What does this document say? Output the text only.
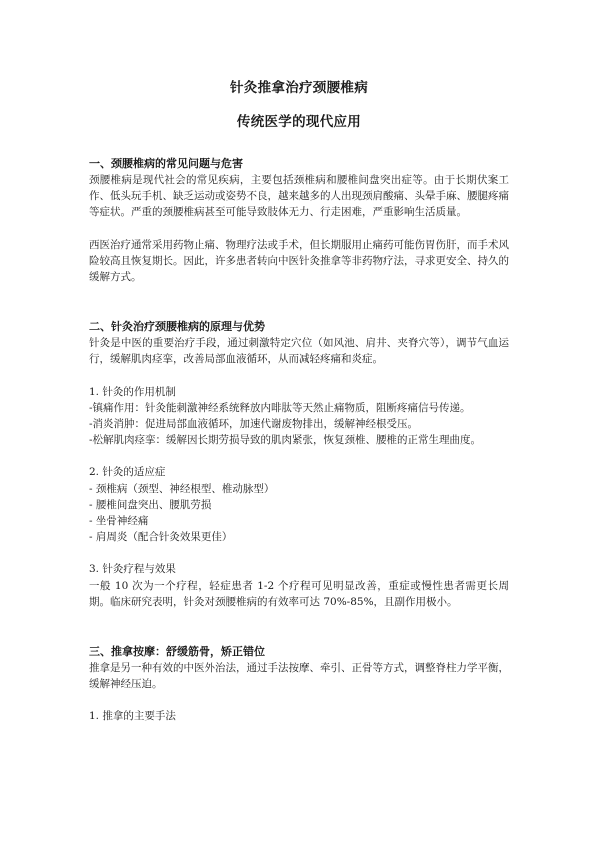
针灸推拿治疗颈腰椎病
传统医学的现代应用
一、颈腰椎病的常见问题与危害

颈腰椎病是现代社会的常见疾病，主要包括颈椎病和腰椎间盘突出症等。由于长期伏案工作、低头玩手机、缺乏运动或姿势不良，越来越多的人出现颈肩酸痛、头晕手麻、腰腿疼痛等症状。严重的颈腰椎病甚至可能导致肢体无力、行走困难，严重影响生活质量。

西医治疗通常采用药物止痛、物理疗法或手术，但长期服用止痛药可能伤胃伤肝，而手术风险较高且恢复期长。因此，许多患者转向中医针灸推拿等非药物疗法，寻求更安全、持久的缓解方式。

二、针灸治疗颈腰椎病的原理与优势

针灸是中医的重要治疗手段，通过刺激特定穴位（如风池、肩井、夹脊穴等），调节气血运行，缓解肌肉痉挛，改善局部血液循环，从而减轻疼痛和炎症。

1. 针灸的作用机制

-镇痛作用：针灸能刺激神经系统释放内啡肽等天然止痛物质，阻断疼痛信号传递。

-消炎消肿：促进局部血液循环，加速代谢废物排出，缓解神经根受压。

-松解肌肉痉挛：缓解因长期劳损导致的肌肉紧张，恢复颈椎、腰椎的正常生理曲度。

2. 针灸的适应症

- 颈椎病（颈型、神经根型、椎动脉型）

- 腰椎间盘突出、腰肌劳损

- 坐骨神经痛

- 肩周炎（配合针灸效果更佳）

3. 针灸疗程与效果

一般 10 次为一个疗程，轻症患者 1-2 个疗程可见明显改善，重症或慢性患者需更长周期。临床研究表明，针灸对颈腰椎病的有效率可达 70%-85%，且副作用极小。

三、推拿按摩：舒缓筋骨，矫正错位

推拿是另一种有效的中医外治法，通过手法按摩、牵引、正骨等方式，调整脊柱力学平衡，缓解神经压迫。

1. 推拿的主要手法
